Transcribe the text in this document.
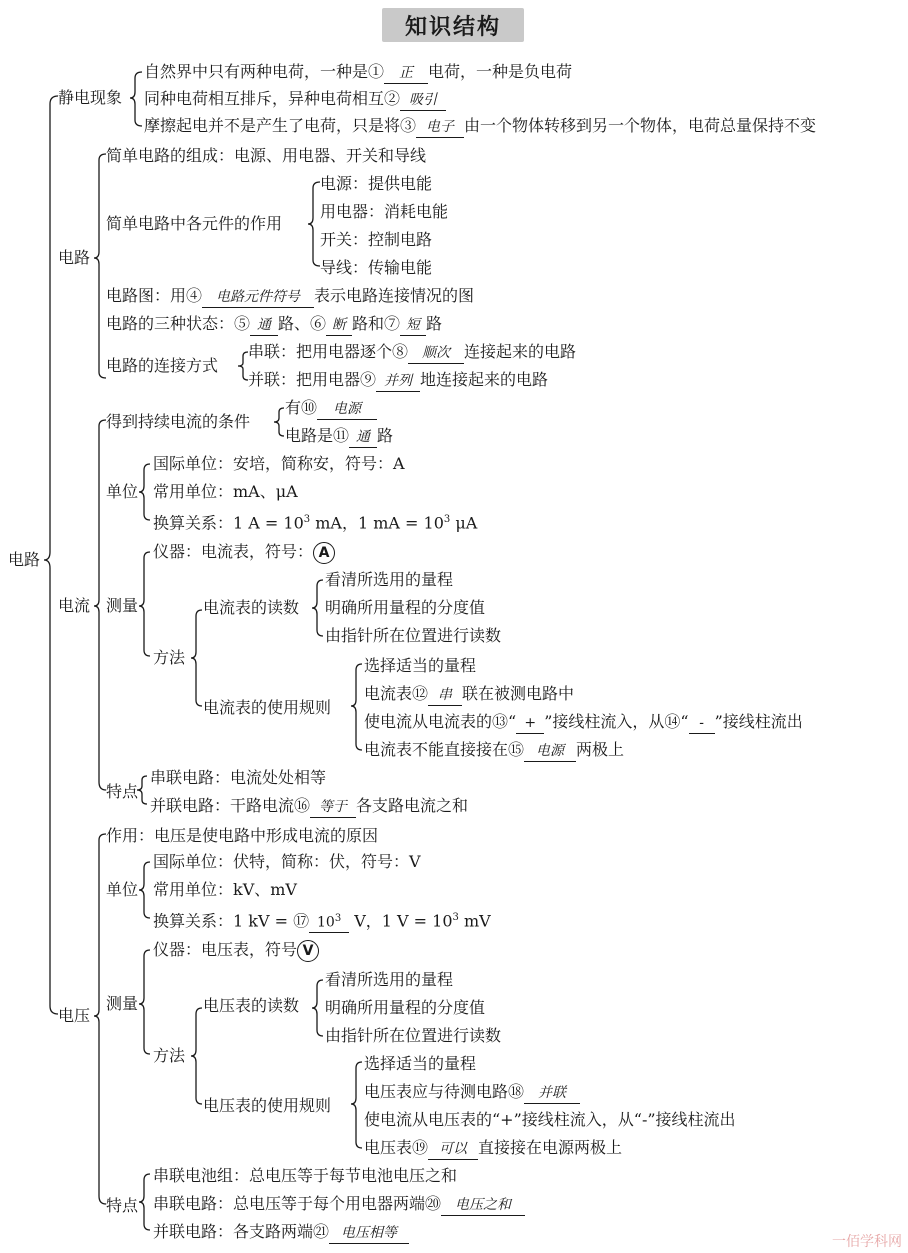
知识结构
电路
静电现象
自然界中只有两种电荷，一种是① 正 电荷，一种是负电荷
同种电荷相互排斥，异种电荷相互② 吸引
摩擦起电并不是产生了电荷，只是将③ 电子 由一个物体转移到另一个物体，电荷总量保持不变
电路
简单电路的组成：电源、用电器、开关和导线
简单电路中各元件的作用
电源：提供电能
用电器：消耗电能
开关：控制电路
导线：传输电能
电路图：用④ 电路元件符号 表示电路连接情况的图
电路的三种状态：⑤ 通 路、⑥ 断 路和⑦ 短 路
电路的连接方式
串联：把用电器逐个⑧ 顺次 连接起来的电路
并联：把用电器⑨ 并列 地连接起来的电路
电流
得到持续电流的条件
有⑩ 电源
电路是⑪ 通 路
单位
国际单位：安培，简称安，符号：A
常用单位：mA、μA
换算关系：1 $A = 10^3$ mA，1 mA = $10^3$ μA
测量
仪器：电流表，符号： A
方法
电流表的读数
看清所选用的量程
明确所用量程的分度值
由指针所在位置进行读数
电流表的使用规则
选择适当的量程
电流表⑫ 串 联在被测电路中
使电流从电流表的⑬“ + ”接线柱流入，从⑭“ - ”接线柱流出
电流表不能直接接在⑮ 电源 两极上
特点
串联电路：电流处处相等
并联电路：干路电流⑯ 等于 各支路电流之和
电压
作用：电压是使电路中形成电流的原因
单位
国际单位：伏特，简称：伏，符号：V
常用单位：kV、mV
换算关系：1 kV = ⑰ $10^3$ V，1 $V = 10^3$ mV
测量
仪器：电压表，符号 V
方法
电压表的读数
看清所选用的量程
明确所用量程的分度值
由指针所在位置进行读数
电压表的使用规则
选择适当的量程
电压表应与待测电路⑱ 并联
使电流从电压表的“+”接线柱流入，从“-”接线柱流出
电压表⑲ 可以 直接接在电源两极上
特点
串联电池组：总电压等于每节电池电压之和
串联电路：总电压等于每个用电器两端⑳ 电压之和
并联电路：各支路两端㉑ 电压相等
一佰学科网
